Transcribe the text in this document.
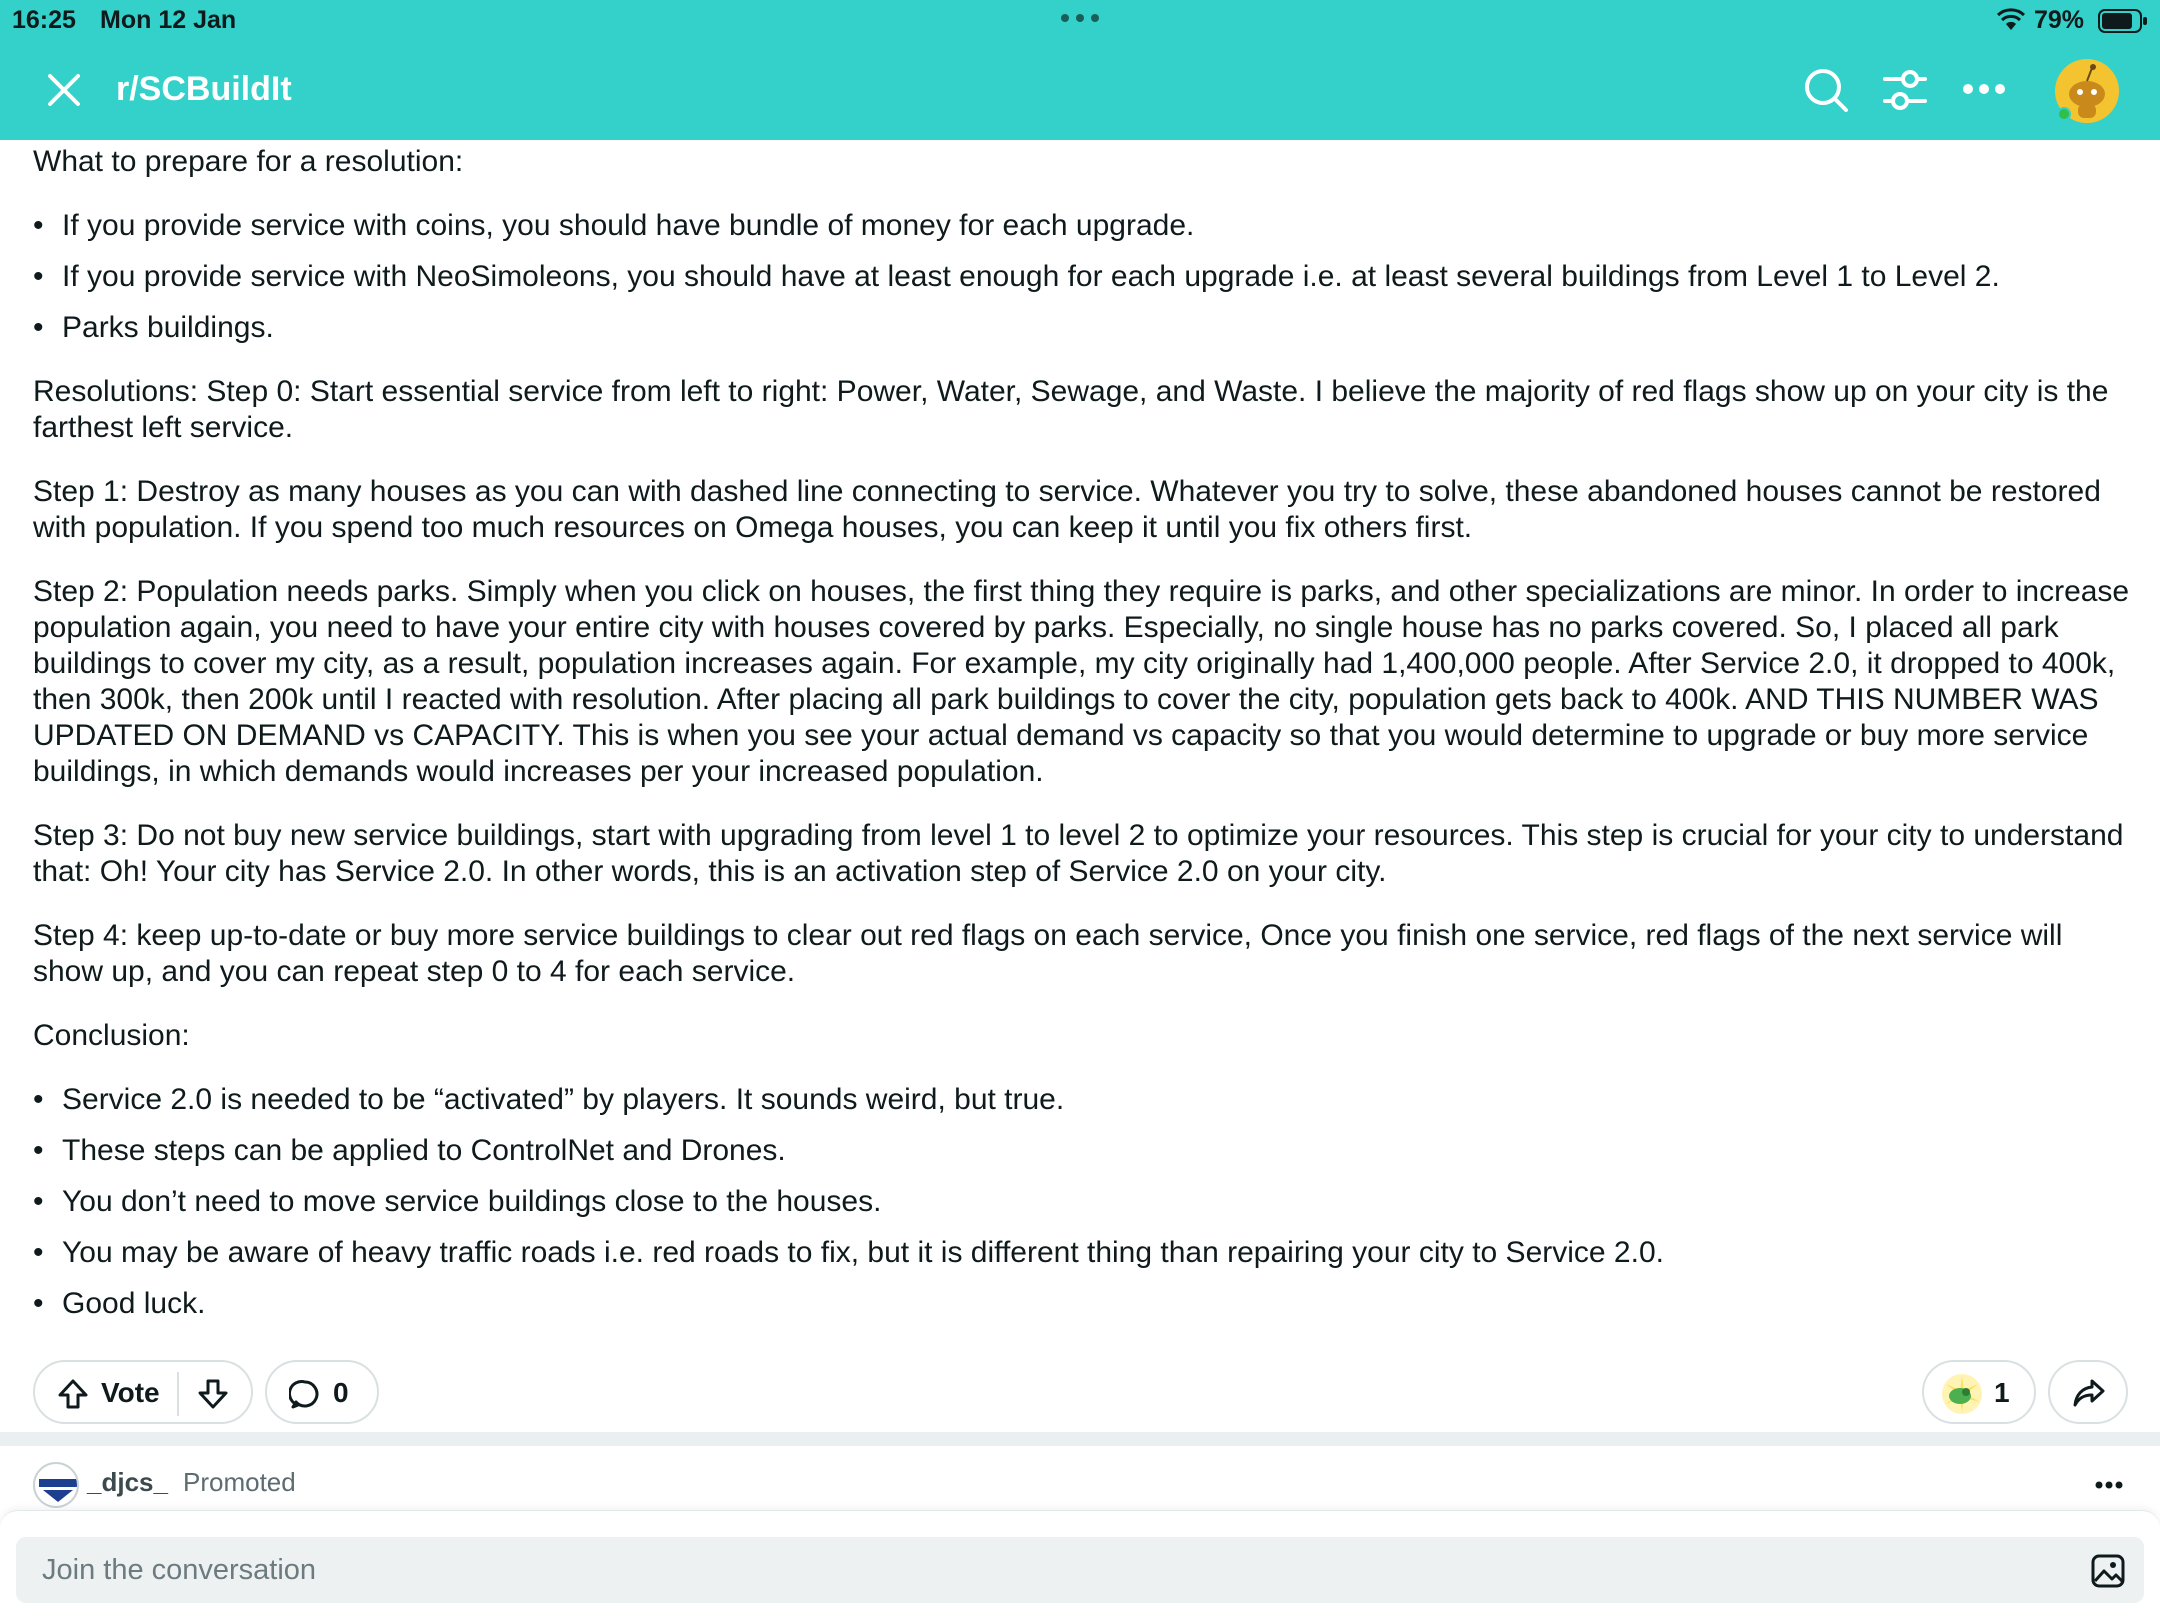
16:25 Mon 12 Jan	79%
r/SCBuildIt

What to prepare for a resolution:

• If you provide service with coins, you should have bundle of money for each upgrade.
• If you provide service with NeoSimoleons, you should have at least enough for each upgrade i.e. at least several buildings from Level 1 to Level 2.
• Parks buildings.

Resolutions: Step 0: Start essential service from left to right: Power, Water, Sewage, and Waste. I believe the majority of red flags show up on your city is the farthest left service.

Step 1: Destroy as many houses as you can with dashed line connecting to service. Whatever you try to solve, these abandoned houses cannot be restored with population. If you spend too much resources on Omega houses, you can keep it until you fix others first.

Step 2: Population needs parks. Simply when you click on houses, the first thing they require is parks, and other specializations are minor. In order to increase population again, you need to have your entire city with houses covered by parks. Especially, no single house has no parks covered. So, I placed all park buildings to cover my city, as a result, population increases again. For example, my city originally had 1,400,000 people. After Service 2.0, it dropped to 400k, then 300k, then 200k until I reacted with resolution. After placing all park buildings to cover the city, population gets back to 400k. AND THIS NUMBER WAS UPDATED ON DEMAND vs CAPACITY. This is when you see your actual demand vs capacity so that you would determine to upgrade or buy more service buildings, in which demands would increases per your increased population.

Step 3: Do not buy new service buildings, start with upgrading from level 1 to level 2 to optimize your resources. This step is crucial for your city to understand that: Oh! Your city has Service 2.0. In other words, this is an activation step of Service 2.0 on your city.

Step 4: keep up-to-date or buy more service buildings to clear out red flags on each service, Once you finish one service, red flags of the next service will show up, and you can repeat step 0 to 4 for each service.

Conclusion:

• Service 2.0 is needed to be “activated” by players. It sounds weird, but true.
• These steps can be applied to ControlNet and Drones.
• You don’t need to move service buildings close to the houses.
• You may be aware of heavy traffic roads i.e. red roads to fix, but it is different thing than repairing your city to Service 2.0.
• Good luck.
Vote	0	1
_djcs_ Promoted
Join the conversation
